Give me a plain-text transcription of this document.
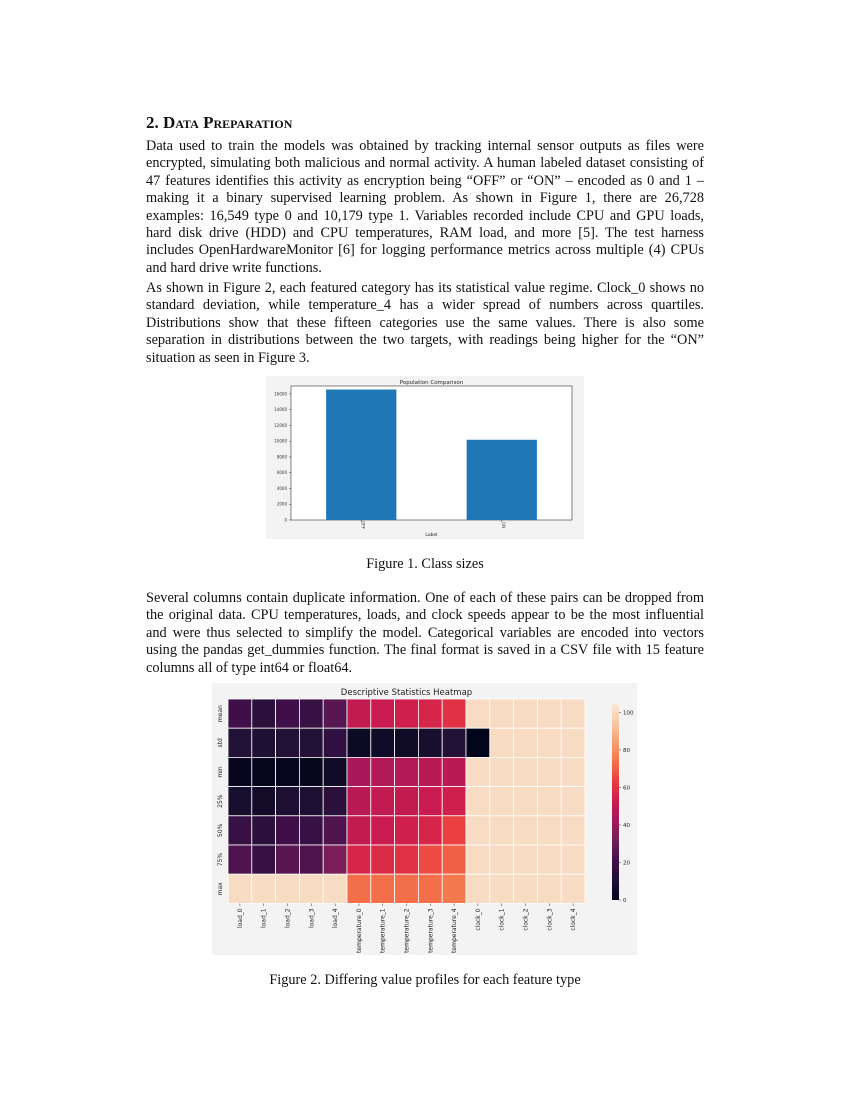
2. Data Preparation

Data used to train the models was obtained by tracking internal sensor outputs as files were encrypted, simulating both malicious and normal activity. A human labeled dataset consisting of 47 features identifies this activity as encryption being “OFF” or “ON” – encoded as 0 and 1 – making it a binary supervised learning problem. As shown in Figure 1, there are 26,728 examples: 16,549 type 0 and 10,179 type 1. Variables recorded include CPU and GPU loads, hard disk drive (HDD) and CPU temperatures, RAM load, and more [5]. The test harness includes OpenHardwareMonitor [6] for logging performance metrics across multiple (4) CPUs and hard drive write functions.

As shown in Figure 2, each featured category has its statistical value regime. Clock_0 shows no standard deviation, while temperature_4 has a wider spread of numbers across quartiles. Distributions show that these fifteen categories use the same values. There is also some separation in distributions between the two targets, with readings being higher for the “ON” situation as seen in Figure 3.

Population Comparison
0
2000
4000
6000
8000
10000
12000
14000
16000
OFF	ON
Label
Figure 1. Class sizes

Several columns contain duplicate information. One of each of these pairs can be dropped from the original data. CPU temperatures, loads, and clock speeds appear to be the most influential and were thus selected to simplify the model. Categorical variables are encoded into vectors using the pandas get_dummies function. The final format is saved in a CSV file with 15 feature columns all of type int64 or float64.

Descriptive Statistics Heatmap
mean
std
min
25%
50%
75%
max
load_0	load_1	load_2	load_3	load_4	temperature_0	temperature_1	temperature_2	temperature_3	temperature_4	clock_0	clock_1	clock_2	clock_3	clock_4
0
20
40
60
80
100
Figure 2. Differing value profiles for each feature type
